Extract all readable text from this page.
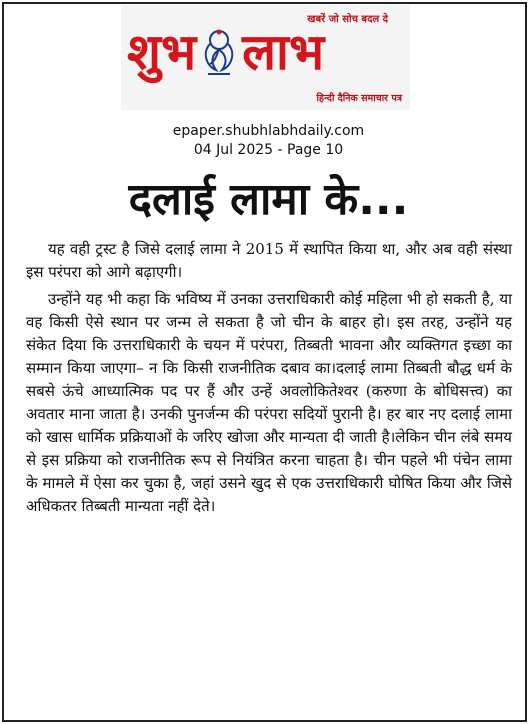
खबरें जो सोच बदल दे
शुभ लाभ
हिन्दी दैनिक समाचार पत्र
epaper.shubhlabhdaily.com
04 Jul 2025 - Page 10
दलाई लामा के...

यह वही ट्रस्ट है जिसे दलाई लामा ने 2015 में स्थापित किया था, और अब वही संस्था इस परंपरा को आगे बढ़ाएगी।

उन्होंने यह भी कहा कि भविष्य में उनका उत्तराधिकारी कोई महिला भी हो सकती है, या वह किसी ऐसे स्थान पर जन्म ले सकता है जो चीन के बाहर हो। इस तरह, उन्होंने यह संकेत दिया कि उत्तराधिकारी के चयन में परंपरा, तिब्बती भावना और व्यक्तिगत इच्छा का सम्मान किया जाएगा– न कि किसी राजनीतिक दबाव का।दलाई लामा तिब्बती बौद्ध धर्म के सबसे ऊंचे आध्यात्मिक पद पर हैं और उन्हें अवलोकितेश्वर (करुणा के बोधिसत्त्व) का अवतार माना जाता है। उनकी पुनर्जन्म की परंपरा सदियों पुरानी है। हर बार नए दलाई लामा को खास धार्मिक प्रक्रियाओं के जरिए खोजा और मान्यता दी जाती है।लेकिन चीन लंबे समय से इस प्रक्रिया को राजनीतिक रूप से नियंत्रित करना चाहता है। चीन पहले भी पंचेन लामा के मामले में ऐसा कर चुका है, जहां उसने खुद से एक उत्तराधिकारी घोषित किया और जिसे अधिकतर तिब्बती मान्यता नहीं देते।
